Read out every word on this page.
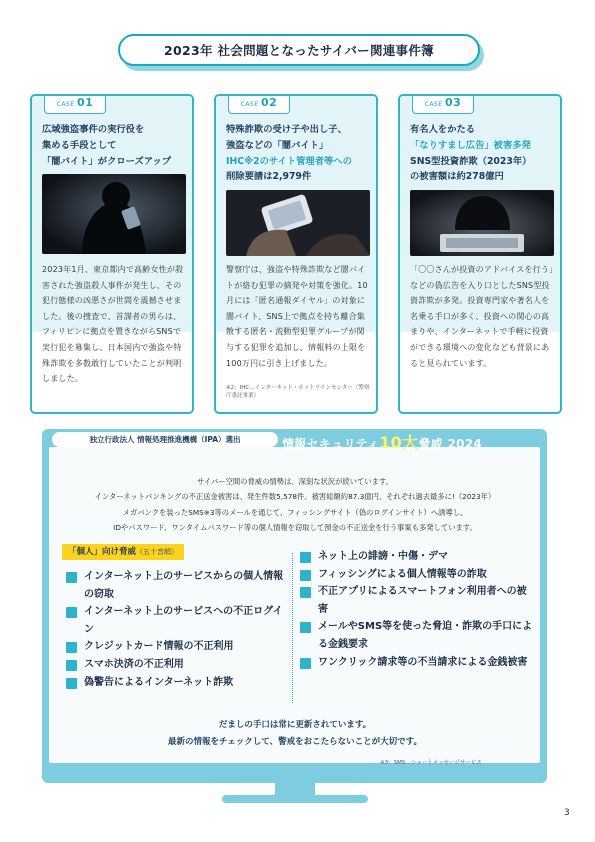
2023年 社会問題となったサイバー関連事件簿
CASE 01
広域強盗事件の実行役を
集める手段として
「闇バイト」がクローズアップ
2023年1月、東京都内で高齢女性が殺害された強盗殺人事件が発生し、その犯行態様の凶悪さが世間を震撼させました。後の捜査で、首謀者の男らは、フィリピンに拠点を置きながらSNSで実行犯を募集し、日本国内で強盗や特殊詐欺を多数敢行していたことが判明しました。
CASE 02
特殊詐欺の受け子や出し子、
強盗などの「闇バイト」
IHC※2のサイト管理者等への
削除要請は2,979件
警察庁は、強盗や特殊詐欺など闇バイトが絡む犯罪の摘発や対策を強化。10月には「匿名通報ダイヤル」の対象に闇バイト、SNS上で拠点を持ち離合集散する匿名・流動型犯罪グループが関与する犯罪を追加し、情報料の上限を100万円に引き上げました。
※2：IHC…インターネット・ホットラインセンター（警察庁委託事業）
CASE 03
有名人をかたる
「なりすまし広告」被害多発
SNS型投資詐欺（2023年）
の被害額は約278億円
「〇〇さんが投資のアドバイスを行う」などの偽広告を入り口としたSNS型投資詐欺が多発。投資専門家や著名人を名乗る手口が多く、投資への関心の高まりや、インターネットで手軽に投資ができる環境への変化なども背景にあると見られています。
独立行政法人 情報処理推進機構（IPA）選出	情報セキュリティ10大脅威 2024
サイバー空間の脅威の情勢は、深刻な状況が続いています。
インターネットバンキングの不正送金被害は、発生件数5,578件、被害総額約87.3億円、それぞれ過去最多に!（2023年）
メガバンクを装ったSMS※3等のメールを通じて、フィッシングサイト（偽のログインサイト）へ誘導し、
IDやパスワード、ワンタイムパスワード等の個人情報を窃取して預金の不正送金を行う事案も多発しています。
「個人」向け脅威（五十音順）
インターネット上のサービスからの個人情報の窃取
インターネット上のサービスへの不正ログイン
クレジットカード情報の不正利用
スマホ決済の不正利用
偽警告によるインターネット詐欺
ネット上の誹謗・中傷・デマ
フィッシングによる個人情報等の詐取
不正アプリによるスマートフォン利用者への被害
メールやSMS等を使った脅迫・詐欺の手口による金銭要求
ワンクリック請求等の不当請求による金銭被害
だましの手口は常に更新されています。
最新の情報をチェックして、警戒をおこたらないことが大切です。
※3：SMS…ショートメッセージサービス
3
